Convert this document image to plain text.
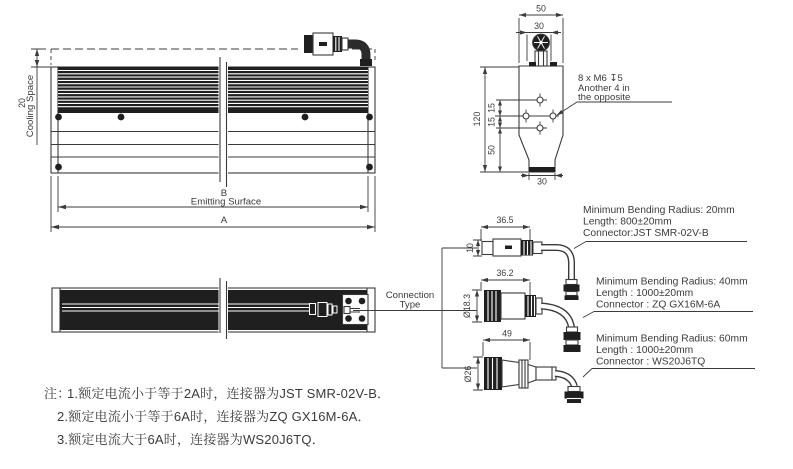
20
Cooling Space
B
Emitting Surface
A
120
15
15
50
50
30
30
8 x M6 ↧5
Another 4 in
the opposite
Connection
Type
36.5
10
Minimum Bending Radius: 20mm
Length: 800±20mm
Connector:JST SMR-02V-B
36.2
Ø18.3
Minimum Bending Radius: 40mm
Length : 1000±20mm
Connector : ZQ GX16M-6A
49
Ø26
Minimum Bending Radius: 60mm
Length : 1000±20mm
Connector : WS20J6TQ
注：
1.额定电流小于等于2A时，连接器为JST SMR-02V-B．
2.额定电流小于等于6A时，连接器为ZQ GX16M-6A．
3.额定电流大于6A时，连接器为WS20J6TQ．
